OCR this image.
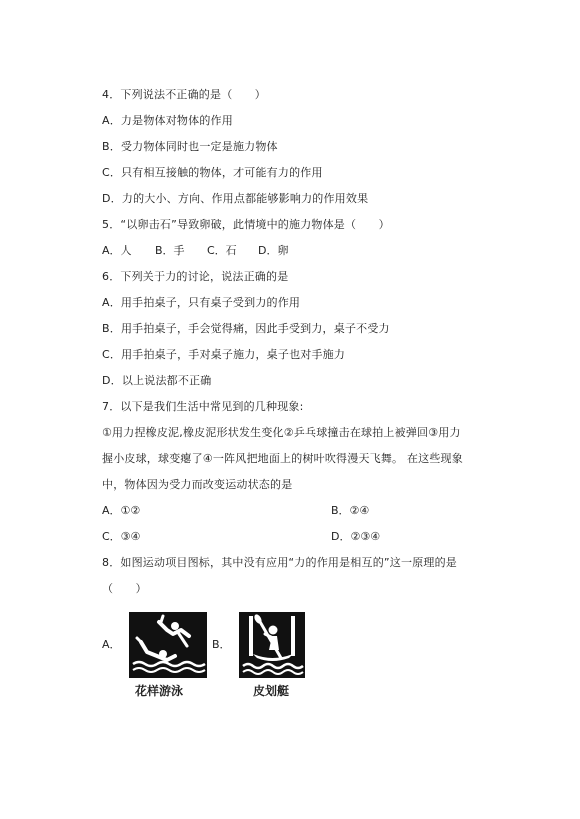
4．下列说法不正确的是（　　）
A．力是物体对物体的作用
B．受力物体同时也一定是施力物体
C．只有相互接触的物体，才可能有力的作用
D．力的大小、方向、作用点都能够影响力的作用效果
5．“以卵击石”导致卵破，此情境中的施力物体是（　　）
A．人 B．手 C．石 D．卵
6．下列关于力的讨论，说法正确的是
A．用手拍桌子，只有桌子受到力的作用
B．用手拍桌子，手会觉得痛，因此手受到力，桌子不受力
C．用手拍桌子，手对桌子施力，桌子也对手施力
D．以上说法都不正确
7．以下是我们生活中常见到的几种现象:
①用力捏橡皮泥,橡皮泥形状发生变化②乒乓球撞击在球拍上被弹回③用力
握小皮球，球变瘪了④一阵风把地面上的树叶吹得漫天飞舞。 在这些现象
中，物体因为受力而改变运动状态的是
A．①②	B．②④
C．③④	D．②③④
8．如图运动项目图标，其中没有应用“力的作用是相互的”这一原理的是
（　　）
A．
花样游泳
B．
皮划艇
